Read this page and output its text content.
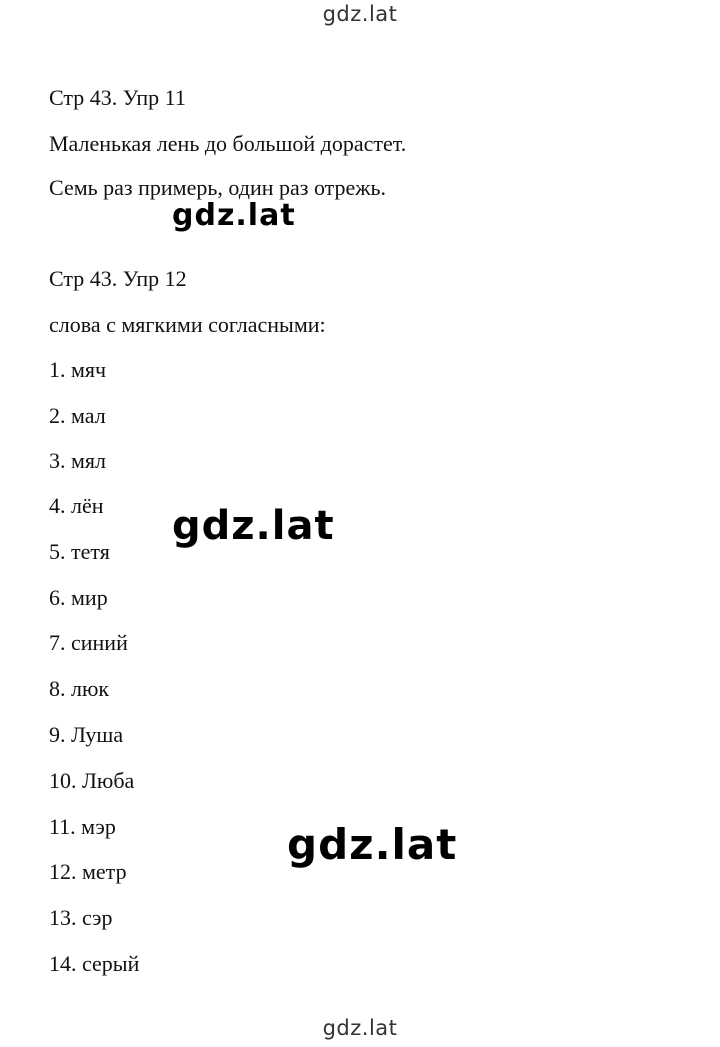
gdz.lat
Стр 43. Упр 11
Маленькая лень до большой дорастет.
Семь раз примерь, один раз отрежь.
Стр 43. Упр 12
слова с мягкими согласными:
1. мяч
2. мал
3. мял
4. лён
5. тетя
6. мир
7. синий
8. люк
9. Луша
10. Люба
11. мэр
12. метр
13. сэр
14. серый
gdz.lat
gdz.lat
gdz.lat
gdz.lat
